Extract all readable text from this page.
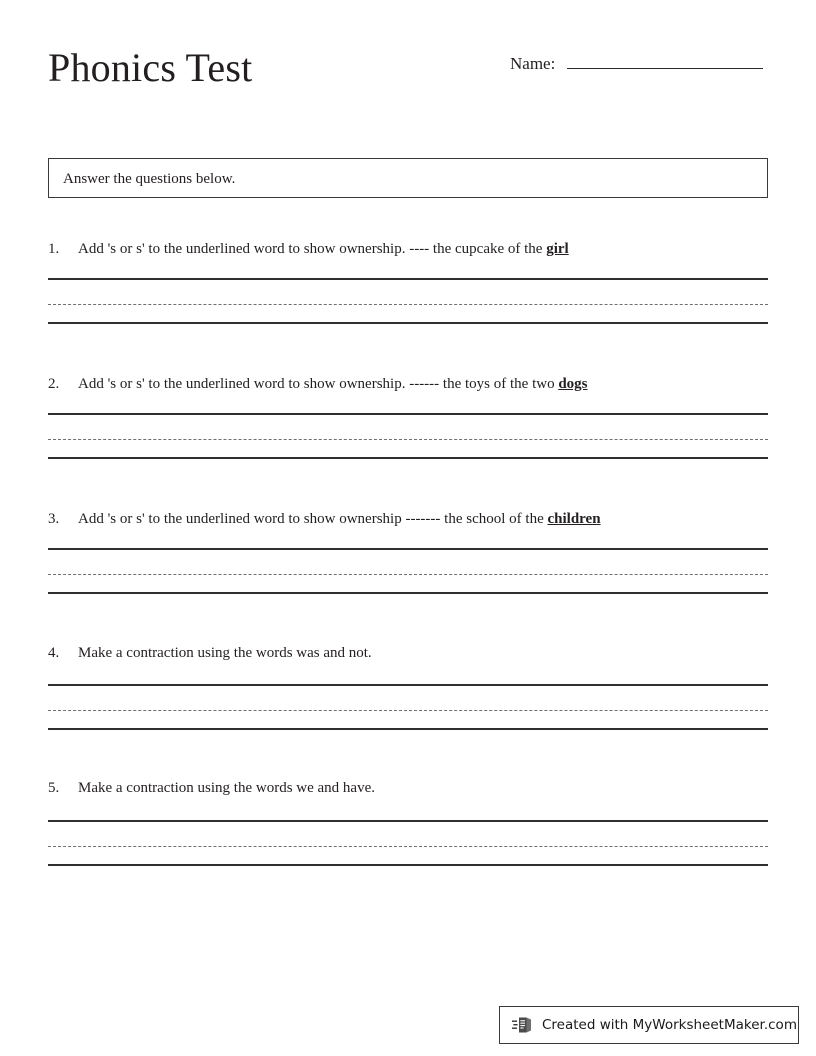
Phonics Test	Name:
Answer the questions below.
1. Add 's or s' to the underlined word to show ownership. ---- the cupcake of the girl
2. Add 's or s' to the underlined word to show ownership. ------ the toys of the two dogs
3. Add 's or s' to the underlined word to show ownership ------- the school of the children
4. Make a contraction using the words was and not.
5. Make a contraction using the words we and have.
Created with MyWorksheetMaker.com
